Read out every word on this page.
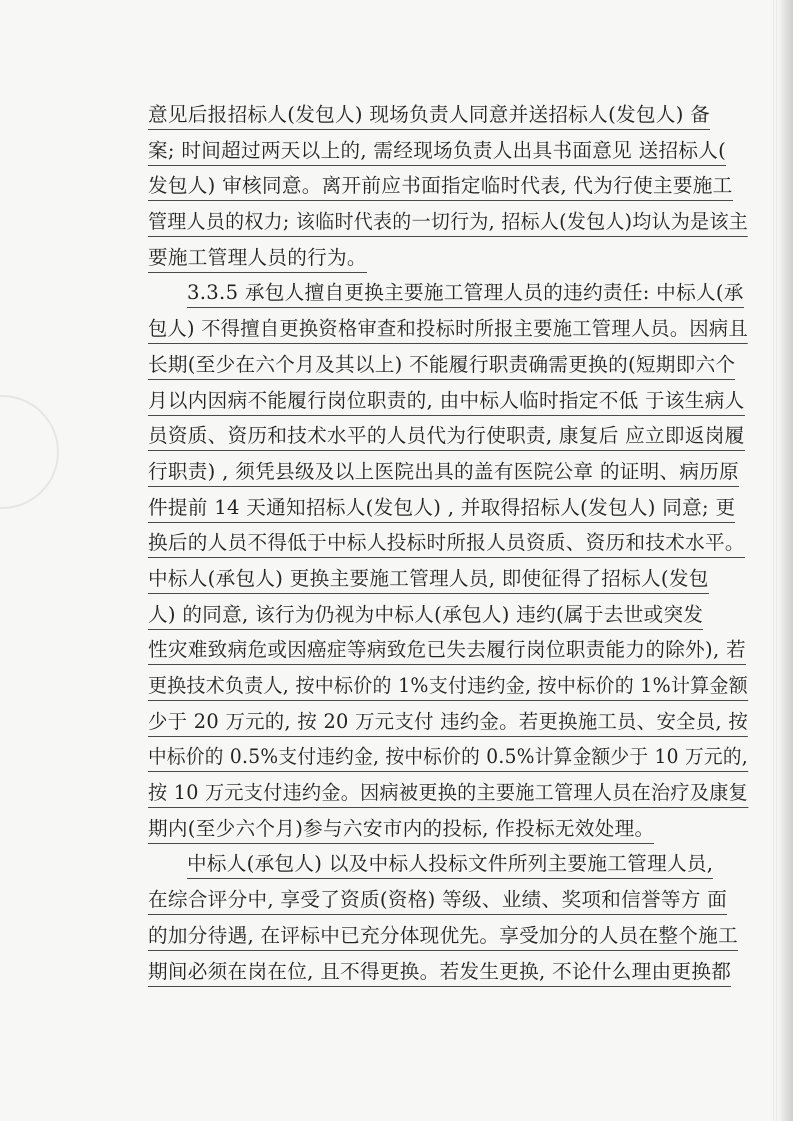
意见后报招标人(发包人) 现场负责人同意并送招标人(发包人) 备
案; 时间超过两天以上的, 需经现场负责人出具书面意见 送招标人(
发包人) 审核同意。离开前应书面指定临时代表, 代为行使主要施工
管理人员的权力; 该临时代表的一切行为, 招标人(发包人)均认为是该主
要施工管理人员的行为。
3.3.5 承包人擅自更换主要施工管理人员的违约责任: 中标人(承
包人) 不得擅自更换资格审查和投标时所报主要施工管理人员。因病且
长期(至少在六个月及其以上) 不能履行职责确需更换的(短期即六个
月以内因病不能履行岗位职责的, 由中标人临时指定不低 于该生病人
员资质、资历和技术水平的人员代为行使职责, 康复后 应立即返岗履
行职责) , 须凭县级及以上医院出具的盖有医院公章 的证明、病历原
件提前 14 天通知招标人(发包人) , 并取得招标人(发包人) 同意; 更
换后的人员不得低于中标人投标时所报人员资质、资历和技术水平。
中标人(承包人) 更换主要施工管理人员, 即使征得了招标人(发包
人) 的同意, 该行为仍视为中标人(承包人) 违约(属于去世或突发
性灾难致病危或因癌症等病致危已失去履行岗位职责能力的除外), 若
更换技术负责人, 按中标价的 1%支付违约金, 按中标价的 1%计算金额
少于 20 万元的, 按 20 万元支付 违约金。若更换施工员、安全员, 按
中标价的 0.5%支付违约金, 按中标价的 0.5%计算金额少于 10 万元的,
按 10 万元支付违约金。因病被更换的主要施工管理人员在治疗及康复
期内(至少六个月)参与六安市内的投标, 作投标无效处理。
中标人(承包人) 以及中标人投标文件所列主要施工管理人员,
在综合评分中, 享受了资质(资格) 等级、业绩、奖项和信誉等方 面
的加分待遇, 在评标中已充分体现优先。享受加分的人员在整个施工
期间必须在岗在位, 且不得更换。若发生更换, 不论什么理由更换都
